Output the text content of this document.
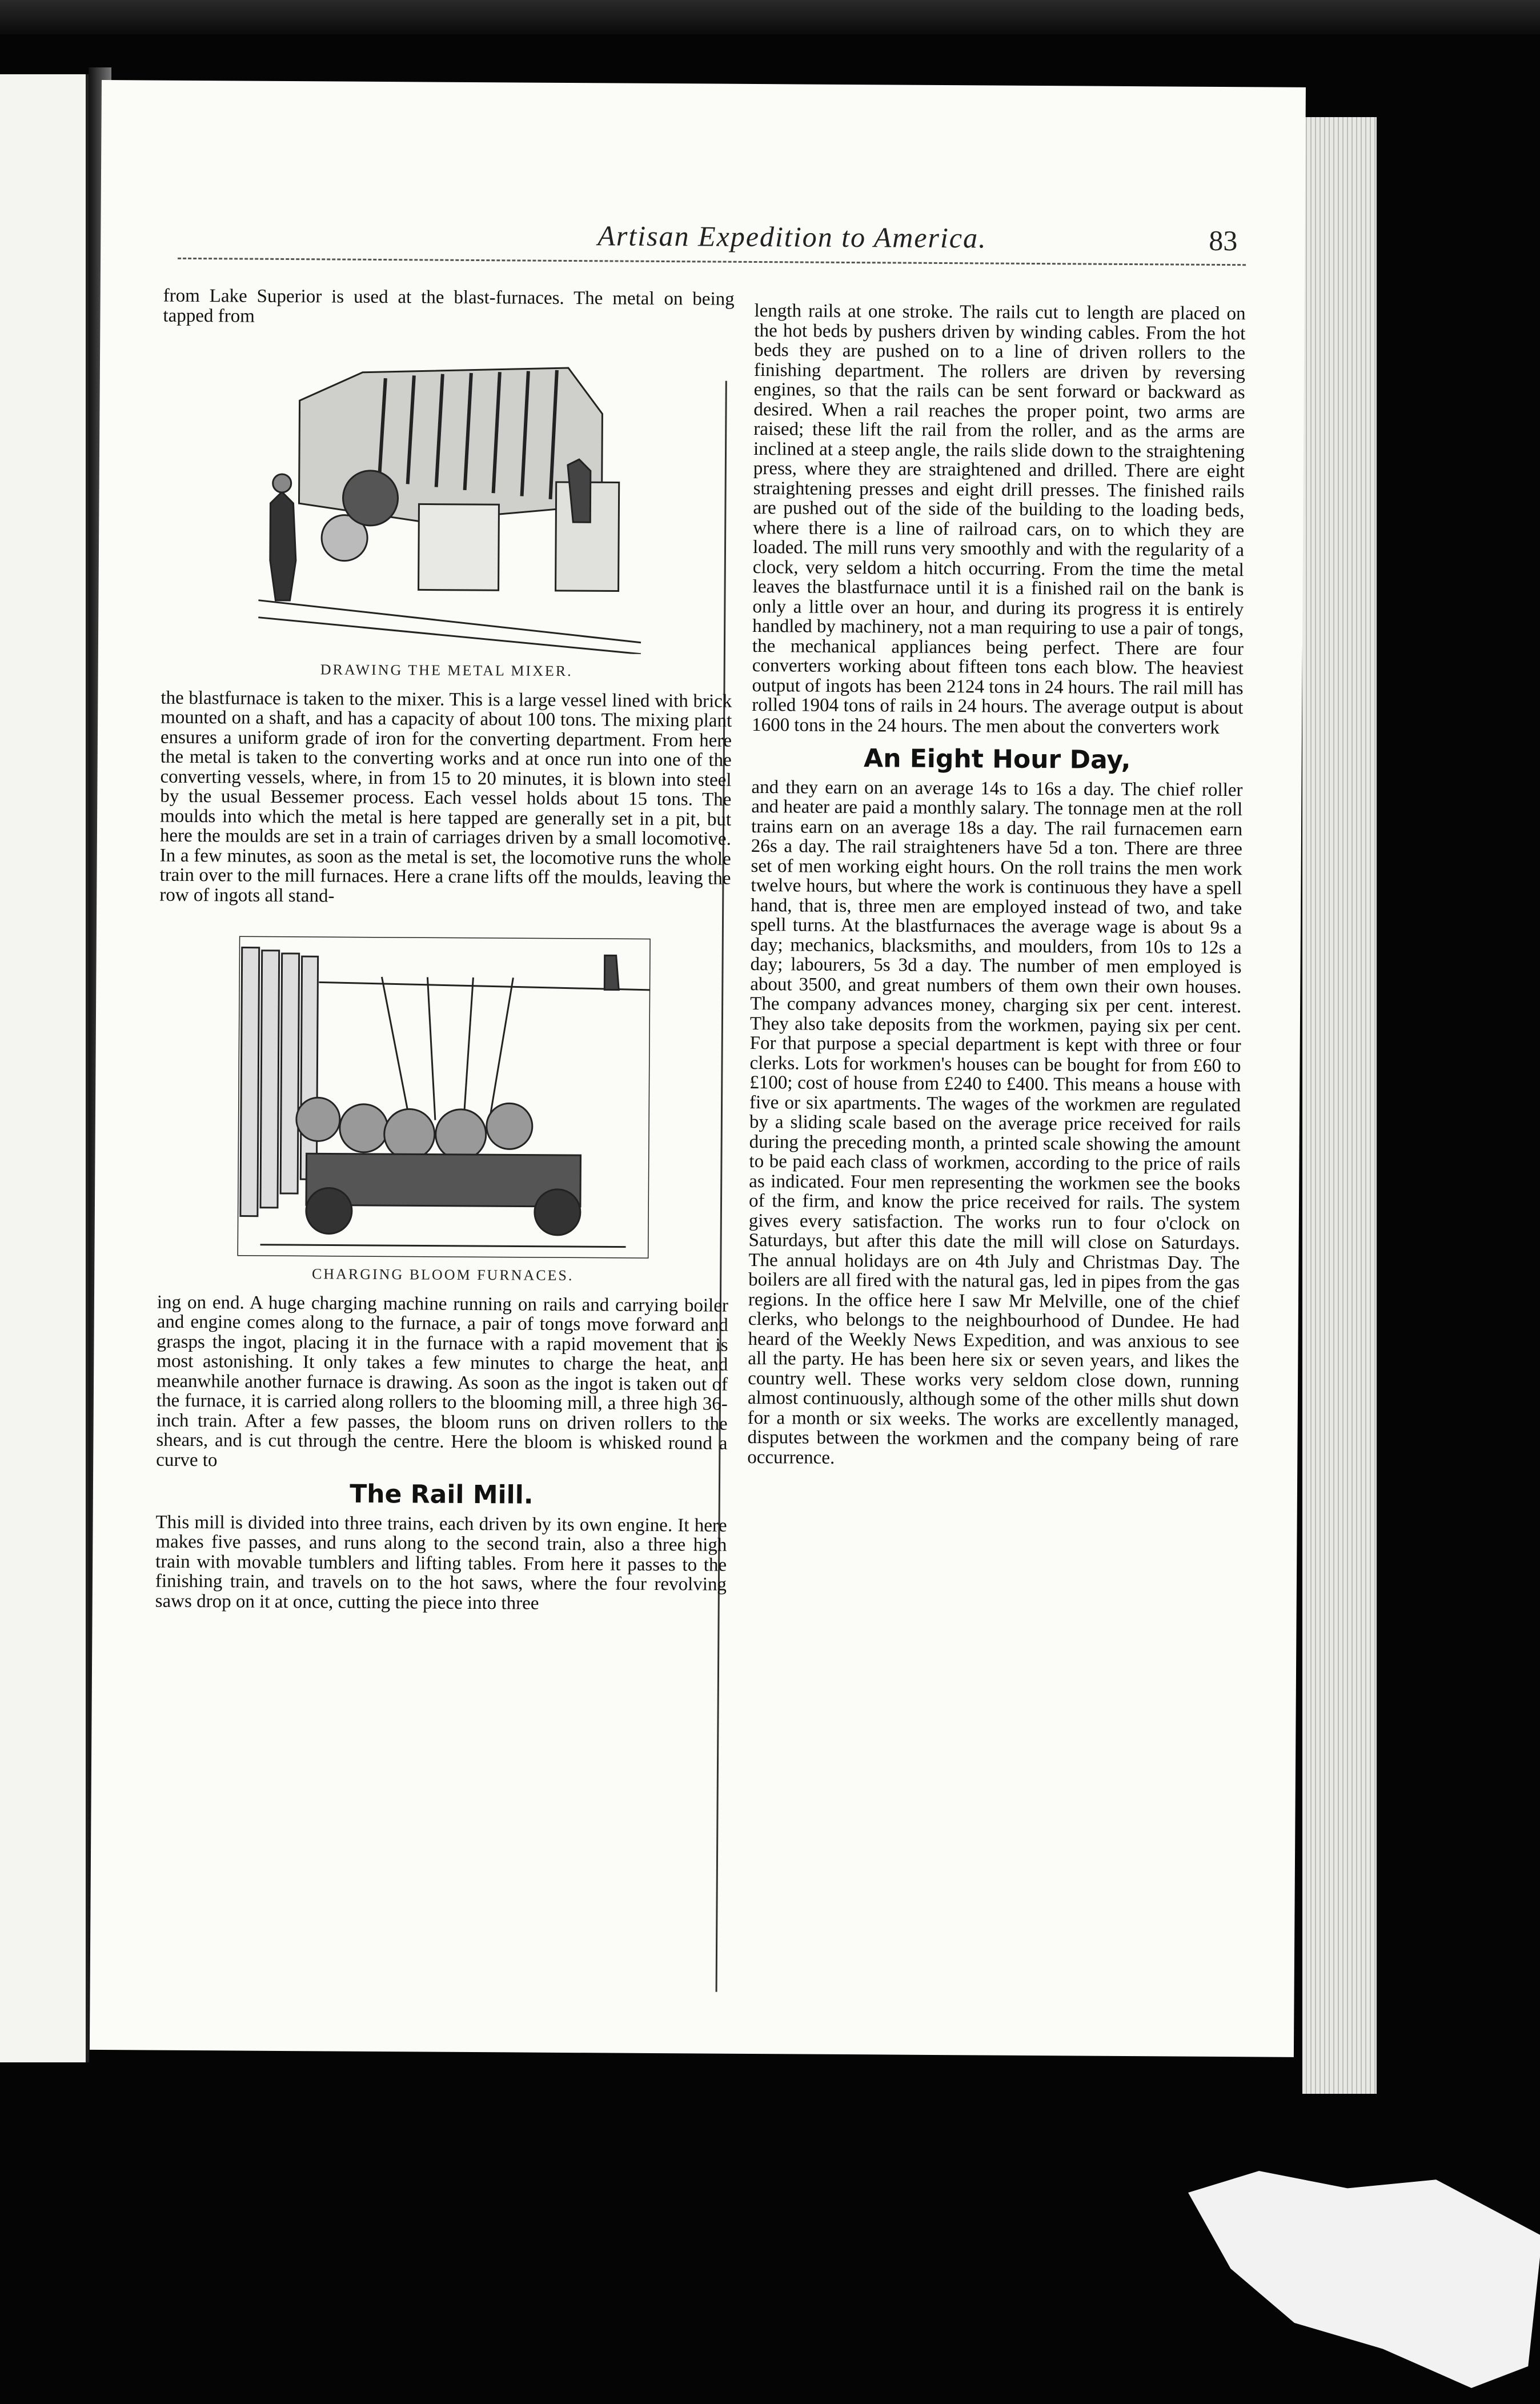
Artisan Expedition to America.	83

from Lake Superior is used at the blast-furnaces. The metal on being tapped from

DRAWING THE METAL MIXER.

the blastfurnace is taken to the mixer. This is a large vessel lined with brick mounted on a shaft, and has a capacity of about 100 tons. The mixing plant ensures a uniform grade of iron for the converting department. From here the metal is taken to the converting works and at once run into one of the converting vessels, where, in from 15 to 20 minutes, it is blown into steel by the usual Bessemer process. Each vessel holds about 15 tons. The moulds into which the metal is here tapped are generally set in a pit, but here the moulds are set in a train of carriages driven by a small locomotive. In a few minutes, as soon as the metal is set, the locomotive runs the whole train over to the mill furnaces. Here a crane lifts off the moulds, leaving the row of ingots all stand-

CHARGING BLOOM FURNACES.

ing on end. A huge charging machine running on rails and carrying boiler and engine comes along to the furnace, a pair of tongs move forward and grasps the ingot, placing it in the furnace with a rapid movement that is most astonishing. It only takes a few minutes to charge the heat, and meanwhile another furnace is drawing. As soon as the ingot is taken out of the furnace, it is carried along rollers to the blooming mill, a three high 36-inch train. After a few passes, the bloom runs on driven rollers to the shears, and is cut through the centre. Here the bloom is whisked round a curve to

The Rail Mill.

This mill is divided into three trains, each driven by its own engine. It here makes five passes, and runs along to the second train, also a three high train with movable tumblers and lifting tables. From here it passes to the finishing train, and travels on to the hot saws, where the four revolving saws drop on it at once, cutting the piece into three

length rails at one stroke. The rails cut to length are placed on the hot beds by pushers driven by winding cables. From the hot beds they are pushed on to a line of driven rollers to the finishing department. The rollers are driven by reversing engines, so that the rails can be sent forward or backward as desired. When a rail reaches the proper point, two arms are raised; these lift the rail from the roller, and as the arms are inclined at a steep angle, the rails slide down to the straightening press, where they are straightened and drilled. There are eight straightening presses and eight drill presses. The finished rails are pushed out of the side of the building to the loading beds, where there is a line of railroad cars, on to which they are loaded. The mill runs very smoothly and with the regularity of a clock, very seldom a hitch occurring. From the time the metal leaves the blastfurnace until it is a finished rail on the bank is only a little over an hour, and during its progress it is entirely handled by machinery, not a man requiring to use a pair of tongs, the mechanical appliances being perfect. There are four converters working about fifteen tons each blow. The heaviest output of ingots has been 2124 tons in 24 hours. The rail mill has rolled 1904 tons of rails in 24 hours. The average output is about 1600 tons in the 24 hours. The men about the converters work

An Eight Hour Day,

and they earn on an average 14s to 16s a day. The chief roller and heater are paid a monthly salary. The tonnage men at the roll trains earn on an average 18s a day. The rail furnacemen earn 26s a day. The rail straighteners have 5d a ton. There are three set of men working eight hours. On the roll trains the men work twelve hours, but where the work is continuous they have a spell hand, that is, three men are employed instead of two, and take spell turns. At the blastfurnaces the average wage is about 9s a day; mechanics, blacksmiths, and moulders, from 10s to 12s a day; labourers, 5s 3d a day. The number of men employed is about 3500, and great numbers of them own their own houses. The company advances money, charging six per cent. interest. They also take deposits from the workmen, paying six per cent. For that purpose a special department is kept with three or four clerks. Lots for workmen's houses can be bought for from £60 to £100; cost of house from £240 to £400. This means a house with five or six apartments. The wages of the workmen are regulated by a sliding scale based on the average price received for rails during the preceding month, a printed scale showing the amount to be paid each class of workmen, according to the price of rails as indicated. Four men representing the workmen see the books of the firm, and know the price received for rails. The system gives every satisfaction. The works run to four o'clock on Saturdays, but after this date the mill will close on Saturdays. The annual holidays are on 4th July and Christmas Day. The boilers are all fired with the natural gas, led in pipes from the gas regions. In the office here I saw Mr Melville, one of the chief clerks, who belongs to the neighbourhood of Dundee. He had heard of the Weekly News Expedition, and was anxious to see all the party. He has been here six or seven years, and likes the country well. These works very seldom close down, running almost continuously, although some of the other mills shut down for a month or six weeks. The works are excellently managed, disputes between the workmen and the company being of rare occurrence.
